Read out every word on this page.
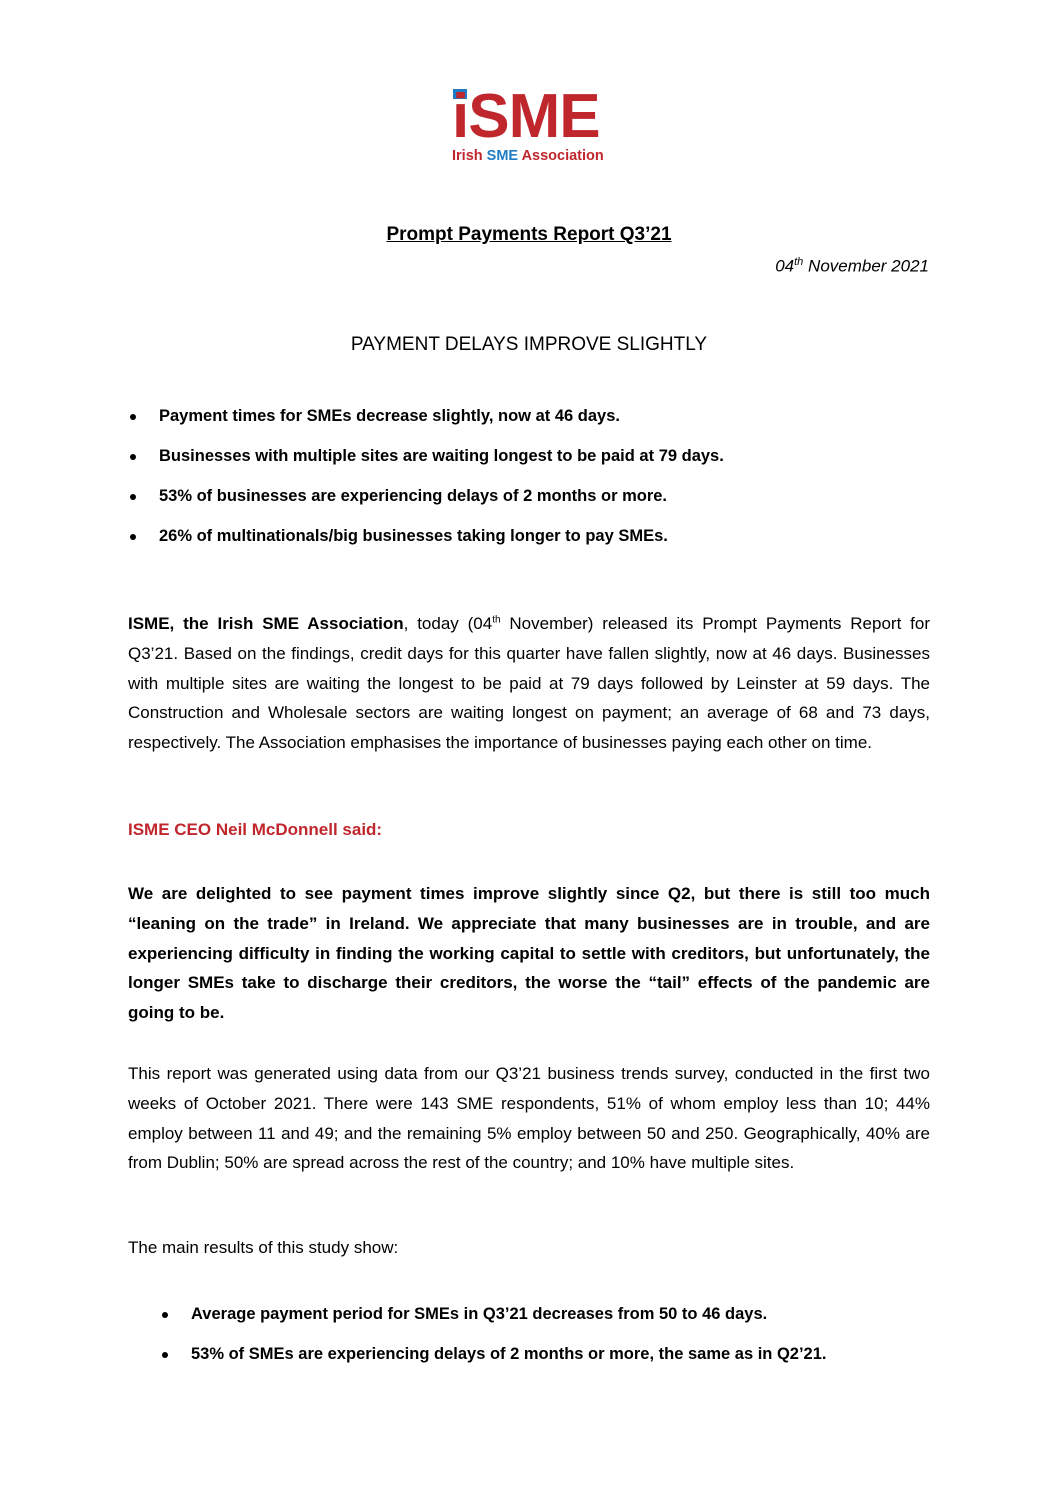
iSME
Irish SME Association
Prompt Payments Report Q3’21
04th November 2021
PAYMENT DELAYS IMPROVE SLIGHTLY
Payment times for SMEs decrease slightly, now at 46 days.
Businesses with multiple sites are waiting longest to be paid at 79 days.
53% of businesses are experiencing delays of 2 months or more.
26% of multinationals/big businesses taking longer to pay SMEs.
ISME, the Irish SME Association, today (04th November) released its Prompt Payments Report for Q3’21. Based on the findings, credit days for this quarter have fallen slightly, now at 46 days. Businesses with multiple sites are waiting the longest to be paid at 79 days followed by Leinster at 59 days. The Construction and Wholesale sectors are waiting longest on payment; an average of 68 and 73 days, respectively. The Association emphasises the importance of businesses paying each other on time.
ISME CEO Neil McDonnell said:
We are delighted to see payment times improve slightly since Q2, but there is still too much “leaning on the trade” in Ireland. We appreciate that many businesses are in trouble, and are experiencing difficulty in finding the working capital to settle with creditors, but unfortunately, the longer SMEs take to discharge their creditors, the worse the “tail” effects of the pandemic are going to be.
This report was generated using data from our Q3’21 business trends survey, conducted in the first two weeks of October 2021. There were 143 SME respondents, 51% of whom employ less than 10; 44% employ between 11 and 49; and the remaining 5% employ between 50 and 250. Geographically, 40% are from Dublin; 50% are spread across the rest of the country; and 10% have multiple sites.
The main results of this study show:
Average payment period for SMEs in Q3’21 decreases from 50 to 46 days.
53% of SMEs are experiencing delays of 2 months or more, the same as in Q2’21.
